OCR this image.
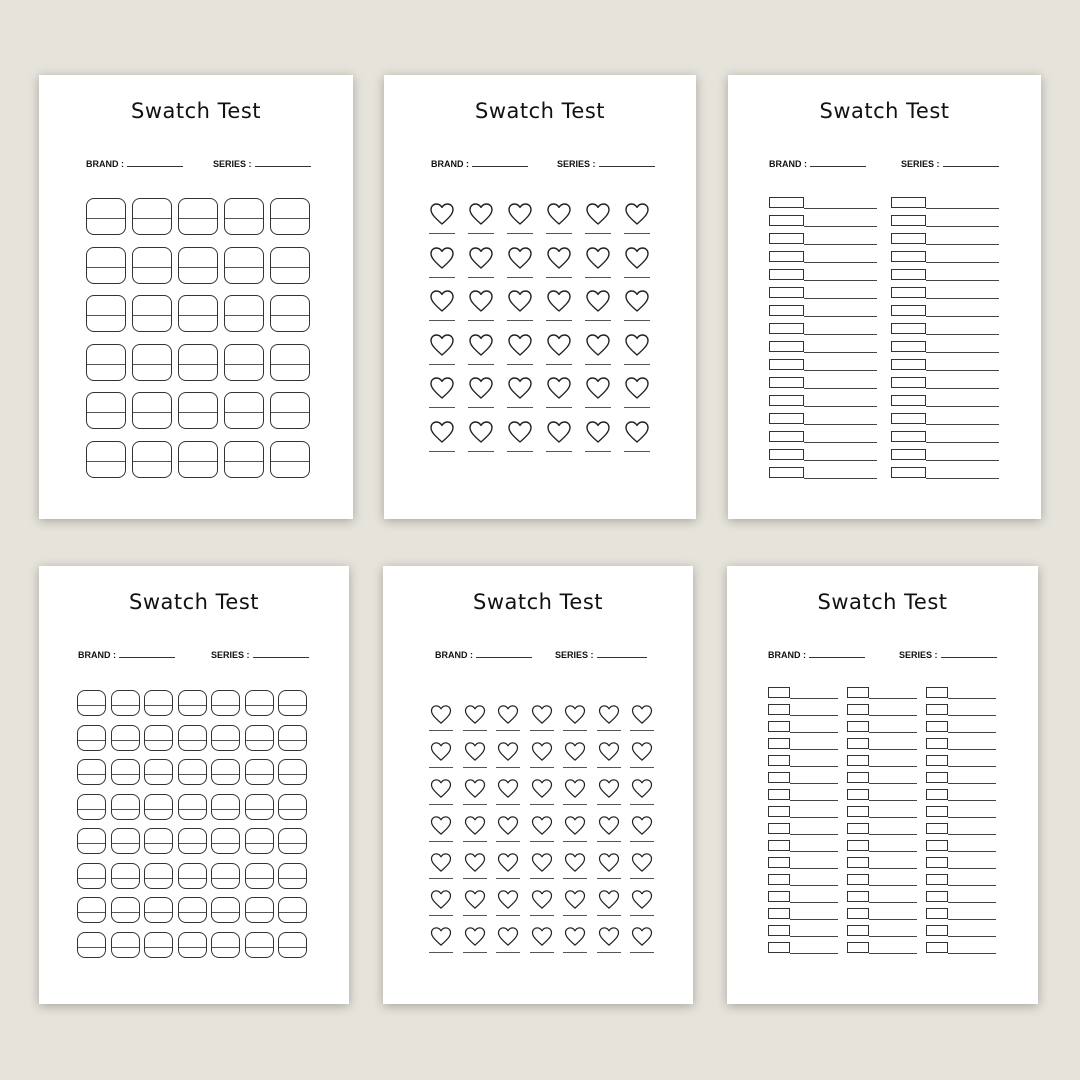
Swatch Test
BRAND :	SERIES :
Swatch Test
BRAND :	SERIES :
Swatch Test
BRAND :	SERIES :
Swatch Test
BRAND :	SERIES :
Swatch Test
BRAND :	SERIES :
Swatch Test
BRAND :	SERIES :
